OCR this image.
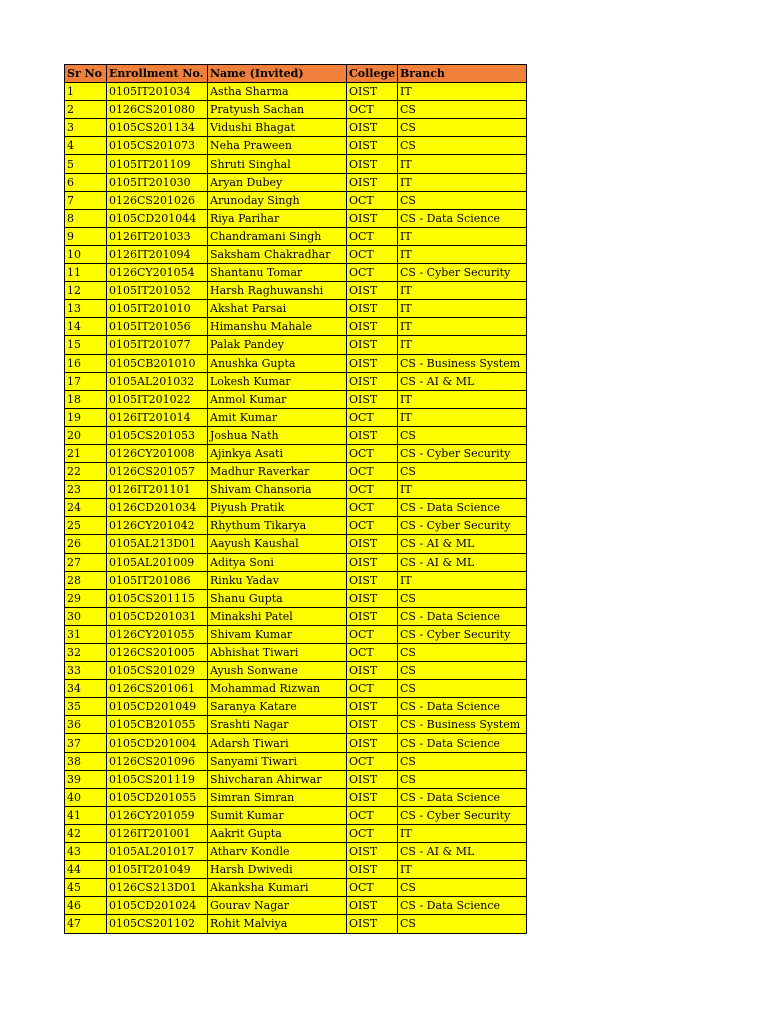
Sr No	Enrollment No.	Name (Invited)	College	Branch
1	0105IT201034	Astha Sharma	OIST	IT
2	0126CS201080	Pratyush Sachan	OCT	CS
3	0105CS201134	Vidushi Bhagat	OIST	CS
4	0105CS201073	Neha Praween	OIST	CS
5	0105IT201109	Shruti Singhal	OIST	IT
6	0105IT201030	Aryan Dubey	OIST	IT
7	0126CS201026	Arunoday Singh	OCT	CS
8	0105CD201044	Riya Parihar	OIST	CS - Data Science
9	0126IT201033	Chandramani Singh	OCT	IT
10	0126IT201094	Saksham Chakradhar	OCT	IT
11	0126CY201054	Shantanu Tomar	OCT	CS - Cyber Security
12	0105IT201052	Harsh Raghuwanshi	OIST	IT
13	0105IT201010	Akshat Parsai	OIST	IT
14	0105IT201056	Himanshu Mahale	OIST	IT
15	0105IT201077	Palak Pandey	OIST	IT
16	0105CB201010	Anushka Gupta	OIST	CS - Business System
17	0105AL201032	Lokesh Kumar	OIST	CS - AI & ML
18	0105IT201022	Anmol Kumar	OIST	IT
19	0126IT201014	Amit Kumar	OCT	IT
20	0105CS201053	Joshua Nath	OIST	CS
21	0126CY201008	Ajinkya Asati	OCT	CS - Cyber Security
22	0126CS201057	Madhur Raverkar	OCT	CS
23	0126IT201101	Shivam Chansoria	OCT	IT
24	0126CD201034	Piyush Pratik	OCT	CS - Data Science
25	0126CY201042	Rhythum Tikarya	OCT	CS - Cyber Security
26	0105AL213D01	Aayush Kaushal	OIST	CS - AI & ML
27	0105AL201009	Aditya Soni	OIST	CS - AI & ML
28	0105IT201086	Rinku Yadav	OIST	IT
29	0105CS201115	Shanu Gupta	OIST	CS
30	0105CD201031	Minakshi Patel	OIST	CS - Data Science
31	0126CY201055	Shivam Kumar	OCT	CS - Cyber Security
32	0126CS201005	Abhishat Tiwari	OCT	CS
33	0105CS201029	Ayush Sonwane	OIST	CS
34	0126CS201061	Mohammad Rizwan	OCT	CS
35	0105CD201049	Saranya Katare	OIST	CS - Data Science
36	0105CB201055	Srashti Nagar	OIST	CS - Business System
37	0105CD201004	Adarsh Tiwari	OIST	CS - Data Science
38	0126CS201096	Sanyami Tiwari	OCT	CS
39	0105CS201119	Shivcharan Ahirwar	OIST	CS
40	0105CD201055	Simran Simran	OIST	CS - Data Science
41	0126CY201059	Sumit Kumar	OCT	CS - Cyber Security
42	0126IT201001	Aakrit Gupta	OCT	IT
43	0105AL201017	Atharv Kondle	OIST	CS - AI & ML
44	0105IT201049	Harsh Dwivedi	OIST	IT
45	0126CS213D01	Akanksha Kumari	OCT	CS
46	0105CD201024	Gourav Nagar	OIST	CS - Data Science
47	0105CS201102	Rohit Malviya	OIST	CS
